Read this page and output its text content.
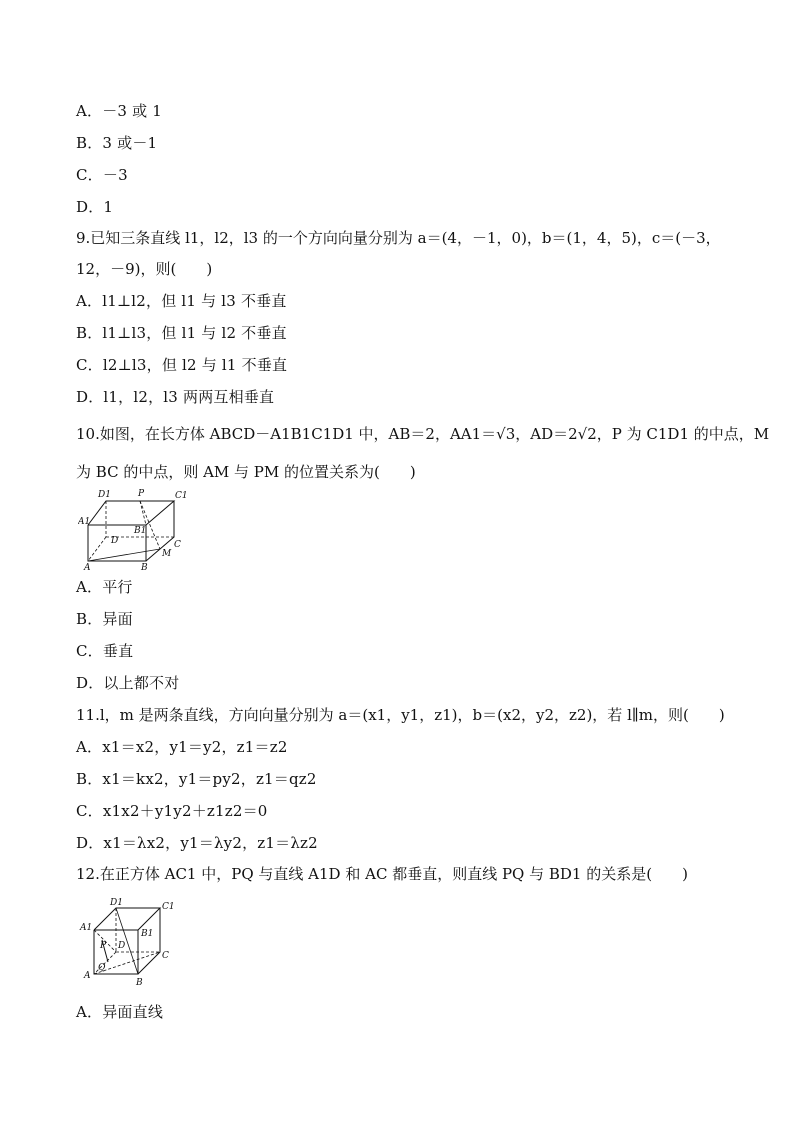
A．－3 或 1
B．3 或－1
C．－3
D．1
9.已知三条直线 l1，l2，l3 的一个方向向量分别为 a＝(4，－1，0)，b＝(1，4，5)，c＝(－3，
12，－9)，则(　　)
A．l1⊥l2，但 l1 与 l3 不垂直
B．l1⊥l3，但 l1 与 l2 不垂直
C．l2⊥l3，但 l2 与 l1 不垂直
D．l1，l2，l3 两两互相垂直
10.如图，在长方体 ABCD－A1B1C1D1 中，AB＝2，AA1＝√3，AD＝2√2，P 为 C1D1 的中点，M
为 BC 的中点，则 AM 与 PM 的位置关系为(　　)
D1	P	C1
A1
B1
D	C
A	B
M
A．平行
B．异面
C．垂直
D．以上都不对
11.l，m 是两条直线，方向向量分别为 a＝(x1，y1，z1)，b＝(x2，y2，z2)，若 l∥m，则(　　)
A．x1＝x2，y1＝y2，z1＝z2
B．x1＝kx2，y1＝py2，z1＝qz2
C．x1x2＋y1y2＋z1z2＝0
D．x1＝λx2，y1＝λy2，z1＝λz2
12.在正方体 AC1 中，PQ 与直线 A1D 和 AC 都垂直，则直线 PQ 与 BD1 的关系是(　　)
D1	C1
A1
B1
P D
C
Q
A
B
A．异面直线
